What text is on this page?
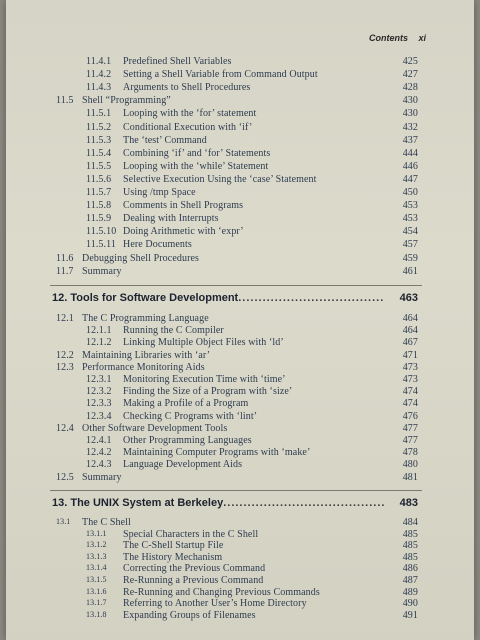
Contents xi
11.4.1 Predefined Shell Variables	425
11.4.2 Setting a Shell Variable from Command Output	427
11.4.3 Arguments to Shell Procedures	428
11.5 Shell “Programming”	430
11.5.1 Looping with the ‘for’ statement	430
11.5.2 Conditional Execution with ‘if’	432
11.5.3 The ‘test’ Command	437
11.5.4 Combining ‘if’ and ‘for’ Statements	444
11.5.5 Looping with the ‘while’ Statement	446
11.5.6 Selective Execution Using the ‘case’ Statement	447
11.5.7 Using /tmp Space	450
11.5.8 Comments in Shell Programs	453
11.5.9 Dealing with Interrupts	453
11.5.10 Doing Arithmetic with ‘expr’	454
11.5.11 Here Documents	457
11.6 Debugging Shell Procedures	459
11.7 Summary	461
12. Tools for Software Development....................................	463
12.1 The C Programming Language	464
12.1.1 Running the C Compiler	464
12.1.2 Linking Multiple Object Files with ‘ld’	467
12.2 Maintaining Libraries with ‘ar’	471
12.3 Performance Monitoring Aids	473
12.3.1 Monitoring Execution Time with ‘time’	473
12.3.2 Finding the Size of a Program with ‘size’	474
12.3.3 Making a Profile of a Program	474
12.3.4 Checking C Programs with ‘lint’	476
12.4 Other Software Development Tools	477
12.4.1 Other Programming Languages	477
12.4.2 Maintaining Computer Programs with ‘make’	478
12.4.3 Language Development Aids	480
12.5 Summary	481
13. The UNIX System at Berkeley........................................	483
13.1 The C Shell	484
13.1.1 Special Characters in the C Shell	485
13.1.2 The C-Shell Startup File	485
13.1.3 The History Mechanism	485
13.1.4 Correcting the Previous Command	486
13.1.5 Re-Running a Previous Command	487
13.1.6 Re-Running and Changing Previous Commands	489
13.1.7 Referring to Another User’s Home Directory	490
13.1.8 Expanding Groups of Filenames	491
